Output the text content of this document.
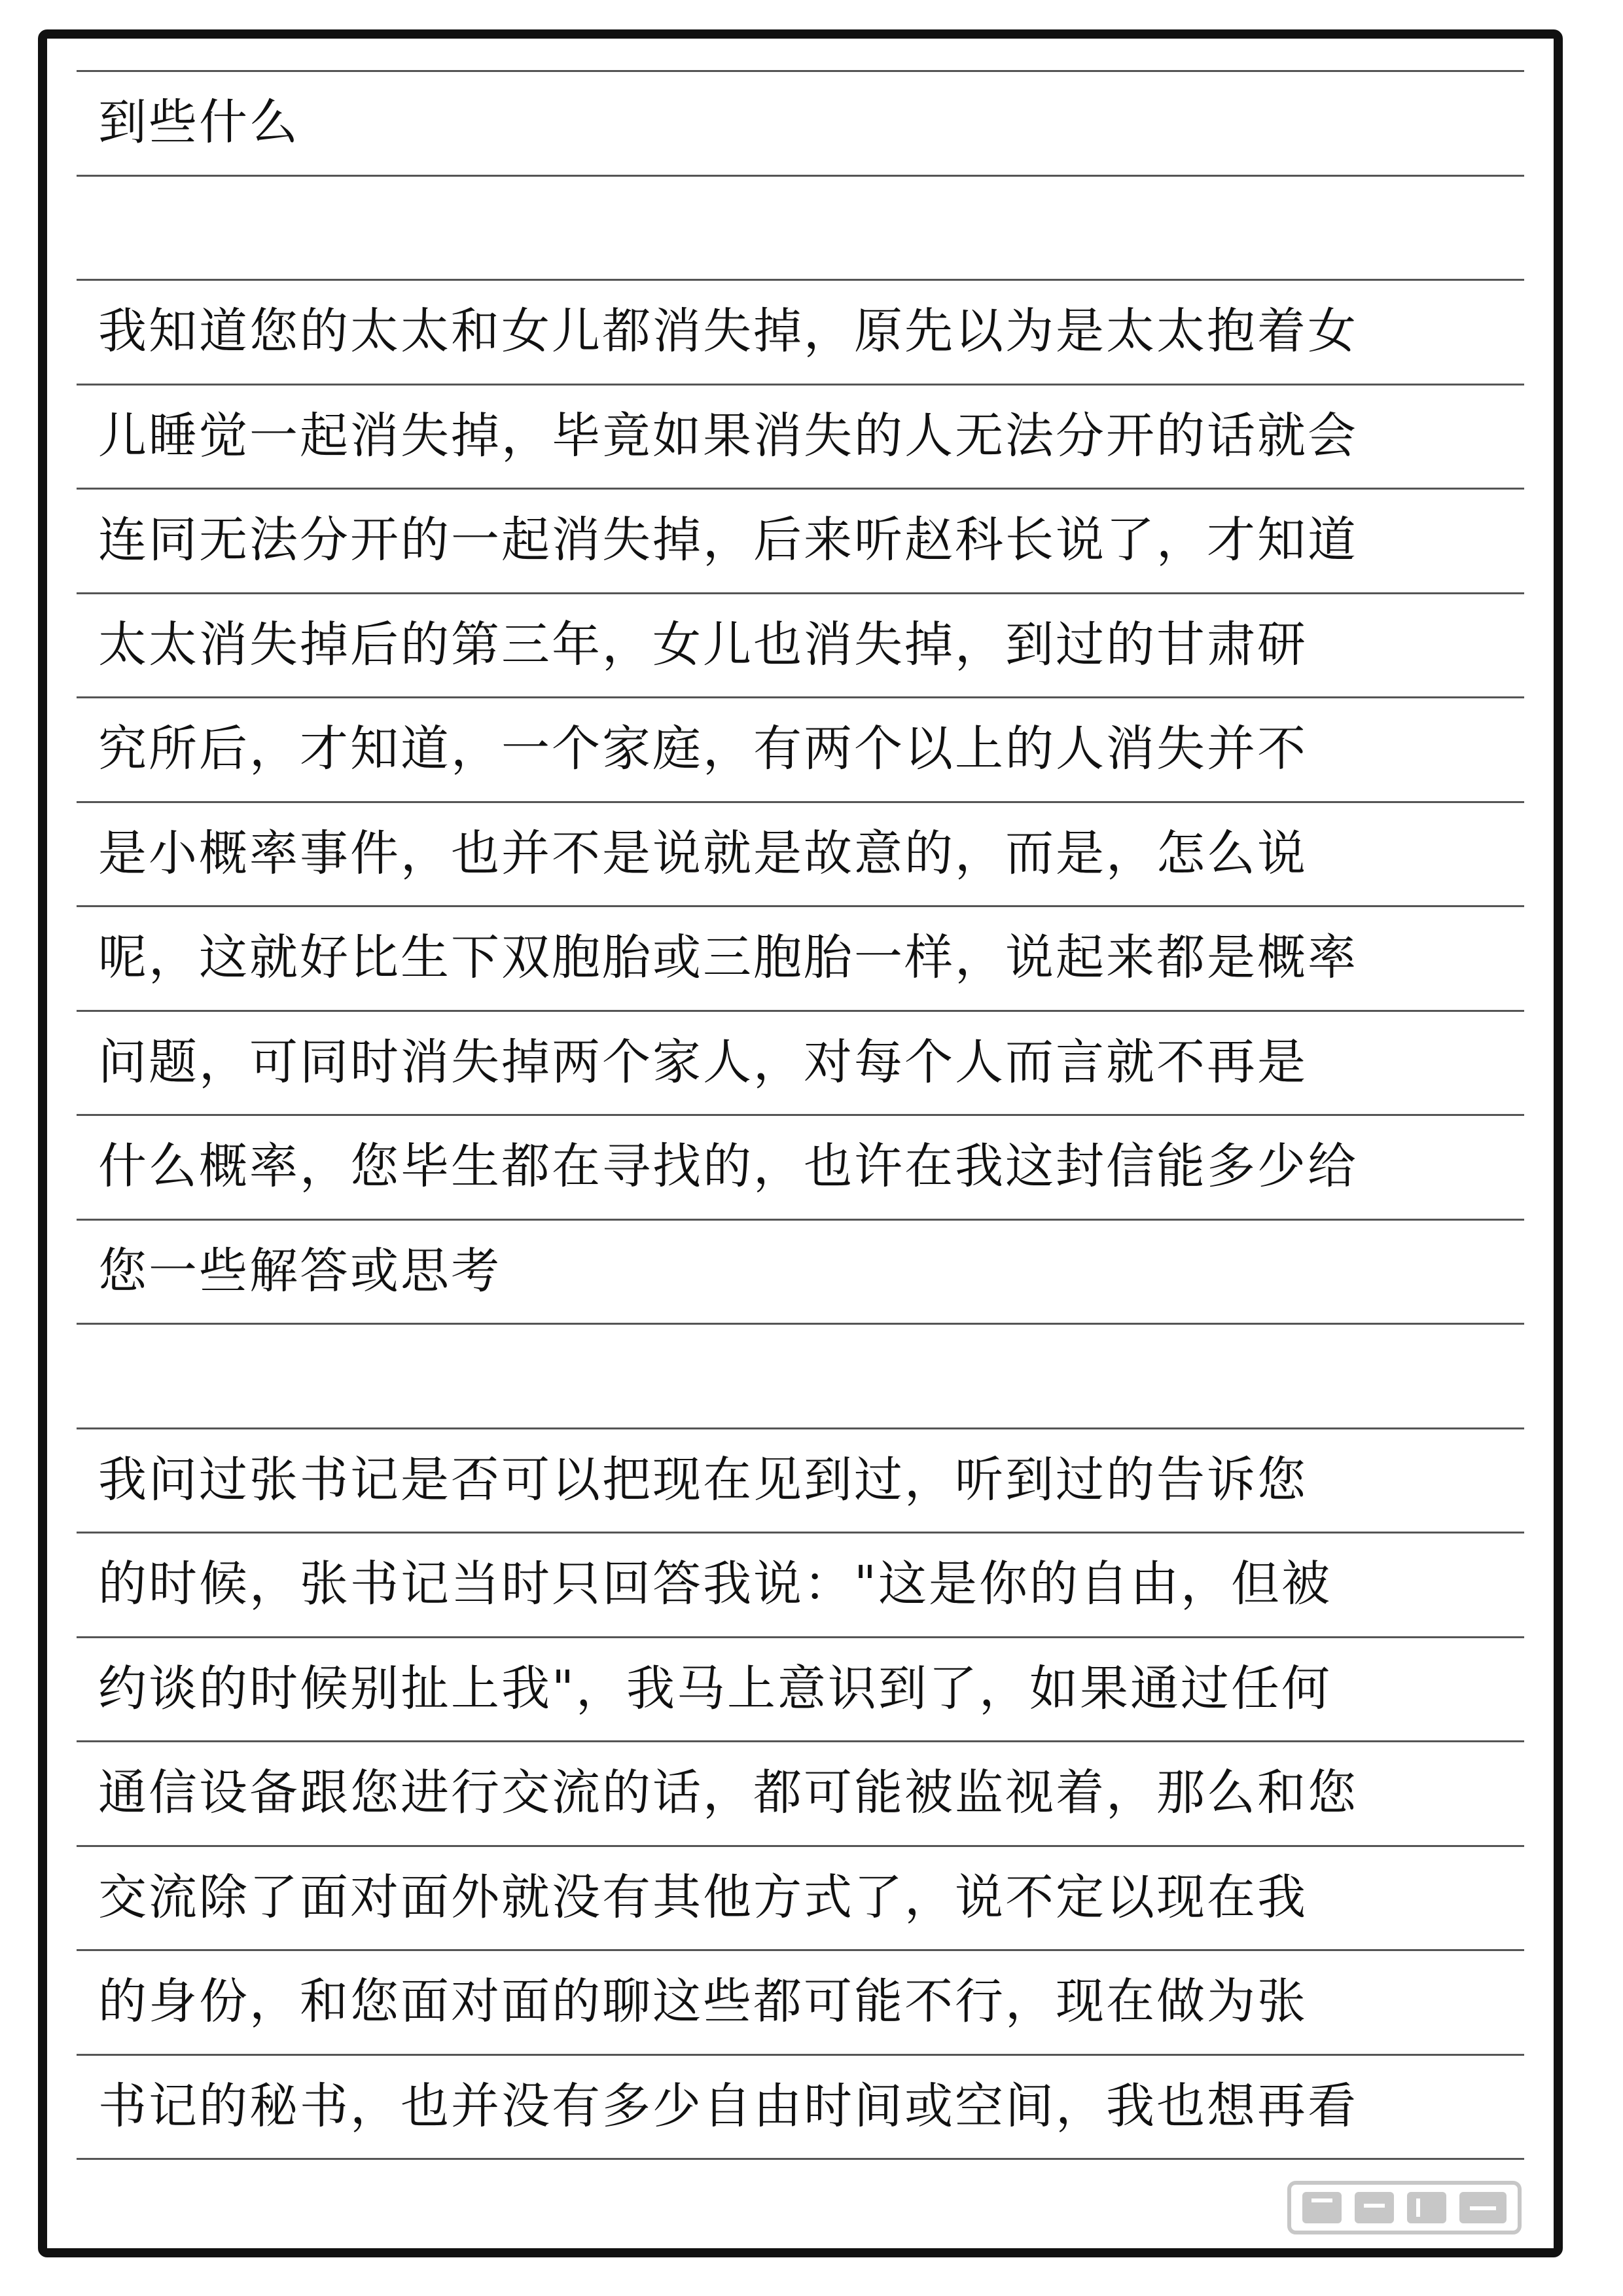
到些什么
我知道您的太太和女儿都消失掉，原先以为是太太抱着女
儿睡觉一起消失掉，毕竟如果消失的人无法分开的话就会
连同无法分开的一起消失掉，后来听赵科长说了，才知道
太太消失掉后的第三年，女儿也消失掉，到过的甘肃研
究所后，才知道，一个家庭，有两个以上的人消失并不
是小概率事件，也并不是说就是故意的，而是，怎么说
呢，这就好比生下双胞胎或三胞胎一样，说起来都是概率
问题，可同时消失掉两个家人，对每个人而言就不再是
什么概率，您毕生都在寻找的，也许在我这封信能多少给
您一些解答或思考
我问过张书记是否可以把现在见到过，听到过的告诉您
的时候，张书记当时只回答我说："这是你的自由，但被
约谈的时候别扯上我"，我马上意识到了，如果通过任何
通信设备跟您进行交流的话，都可能被监视着，那么和您
交流除了面对面外就没有其他方式了，说不定以现在我
的身份，和您面对面的聊这些都可能不行，现在做为张
书记的秘书，也并没有多少自由时间或空间，我也想再看
